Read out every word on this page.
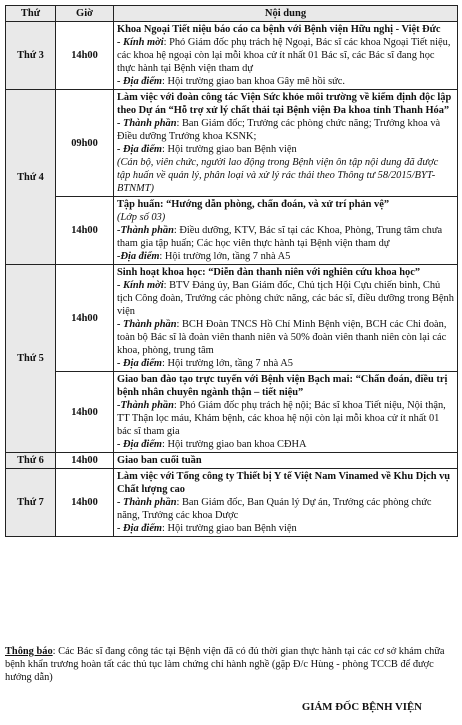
Thứ	Giờ	Nội dung
Thứ 3	14h00	Khoa Ngoại Tiết niệu báo cáo ca bệnh với Bệnh viện Hữu nghị - Việt Đức
- Kính mời: Phó Giám đốc phụ trách hệ Ngoại, Bác sĩ các khoa Ngoại Tiết niệu, các khoa hệ ngoại còn lại mỗi khoa cử ít nhất 01 Bác sĩ, các Bác sĩ đang học thực hành tại Bệnh viện tham dự
- Địa điểm: Hội trường giao ban khoa Gây mê hồi sức.

Thứ 4	09h00	Làm việc với đoàn công tác Viện Sức khỏe môi trường về kiểm định độc lập theo Dự án “Hỗ trợ xử lý chất thải tại Bệnh viện Đa khoa tỉnh Thanh Hóa”
- Thành phần: Ban Giám đốc; Trưởng các phòng chức năng; Trưởng khoa và Điều dưỡng Trưởng khoa KSNK;
- Địa điểm: Hội trường giao ban Bệnh viện
(Cán bộ, viên chức, người lao động trong Bệnh viện ôn tập nội dung đã được tập huấn về quản lý, phân loại và xử lý rác thải theo Thông tư 58/2015/BYT-BTNMT)

	14h00	Tập huấn: “Hướng dẫn phòng, chẩn đoán, và xử trí phản vệ”
(Lớp số 03)
-Thành phần: Điều dưỡng, KTV, Bác sĩ tại các Khoa, Phòng, Trung tâm chưa tham gia tập huấn; Các học viên thực hành tại Bệnh viện tham dự
-Địa điểm: Hội trường lớn, tầng 7 nhà A5

Thứ 5	14h00	Sinh hoạt khoa học: “Diễn đàn thanh niên với nghiên cứu khoa học”
- Kính mời: BTV Đảng ủy, Ban Giám đốc, Chủ tịch Hội Cựu chiến binh, Chủ tịch Công đoàn, Trưởng các phòng chức năng, các bác sĩ, điều dưỡng trong Bệnh viện
- Thành phần: BCH Đoàn TNCS Hồ Chí Minh Bệnh viện, BCH các Chi đoàn, toàn bộ Bác sĩ là đoàn viên thanh niên và 50% đoàn viên thanh niên còn lại các khoa, phòng, trung tâm
- Địa điểm: Hội trường lớn, tầng 7 nhà A5

	14h00	Giao ban đào tạo trực tuyến với Bệnh viện Bạch mai: “Chẩn đoán, điều trị bệnh nhân chuyên ngành thận – tiết niệu”
-Thành phần: Phó Giám đốc phụ trách hệ nội; Bác sĩ khoa Tiết niệu, Nội thận, TT Thận lọc máu, Khám bệnh, các khoa hệ nội còn lại mỗi khoa cử ít nhất 01 bác sĩ tham gia
- Địa điểm: Hội trường giao ban khoa CĐHA

Thứ 6	14h00	Giao ban cuối tuần

Thứ 7	14h00	Làm việc với Tổng công ty Thiết bị Y tế Việt Nam Vinamed về Khu Dịch vụ Chất lượng cao
- Thành phần: Ban Giám đốc, Ban Quản lý Dự án, Trưởng các phòng chức năng, Trưởng các khoa Dược
- Địa điểm: Hội trường giao ban Bệnh viện
Thông báo: Các Bác sĩ đang công tác tại Bệnh viện đã có đủ thời gian thực hành tại các cơ sở khám chữa bệnh khẩn trương hoàn tất các thủ tục làm chứng chỉ hành nghề (gặp Đ/c Hùng - phòng TCCB để được hướng dẫn)
GIÁM ĐỐC BỆNH VIỆN
